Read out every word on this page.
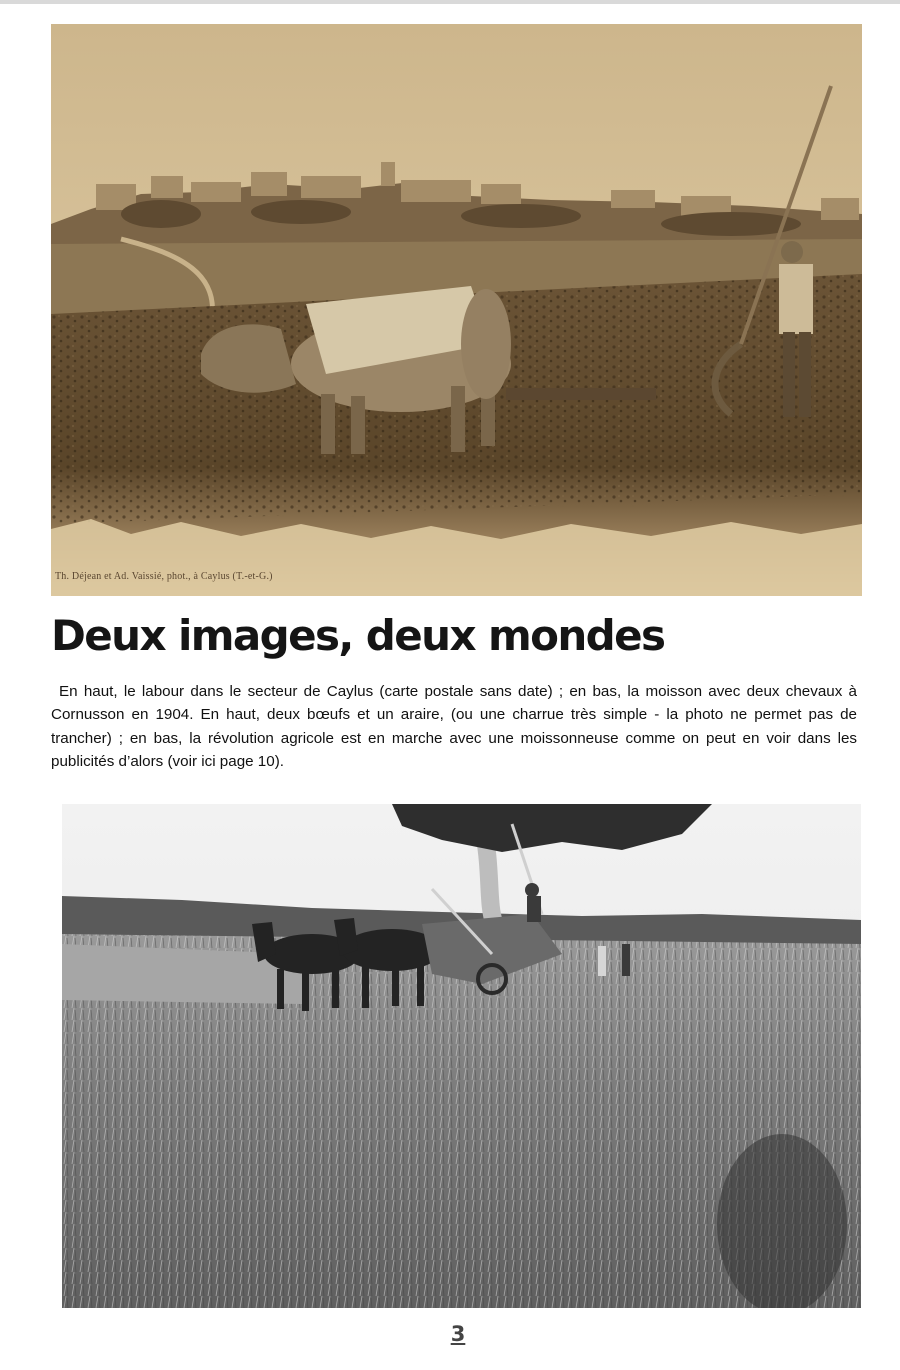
Th. Déjean et Ad. Vaissié, phot., à Caylus (T.-et-G.)
Deux images, deux mondes

En haut, le labour dans le secteur de Caylus (carte postale sans date) ; en bas, la moisson avec deux chevaux à Cornusson en 1904. En haut, deux bœufs et un araire, (ou une charrue très simple - la photo ne permet pas de trancher) ; en bas, la révolution agricole est en marche avec une moissonneuse comme on peut en voir dans les publicités d’alors (voir ici page 10).

3
